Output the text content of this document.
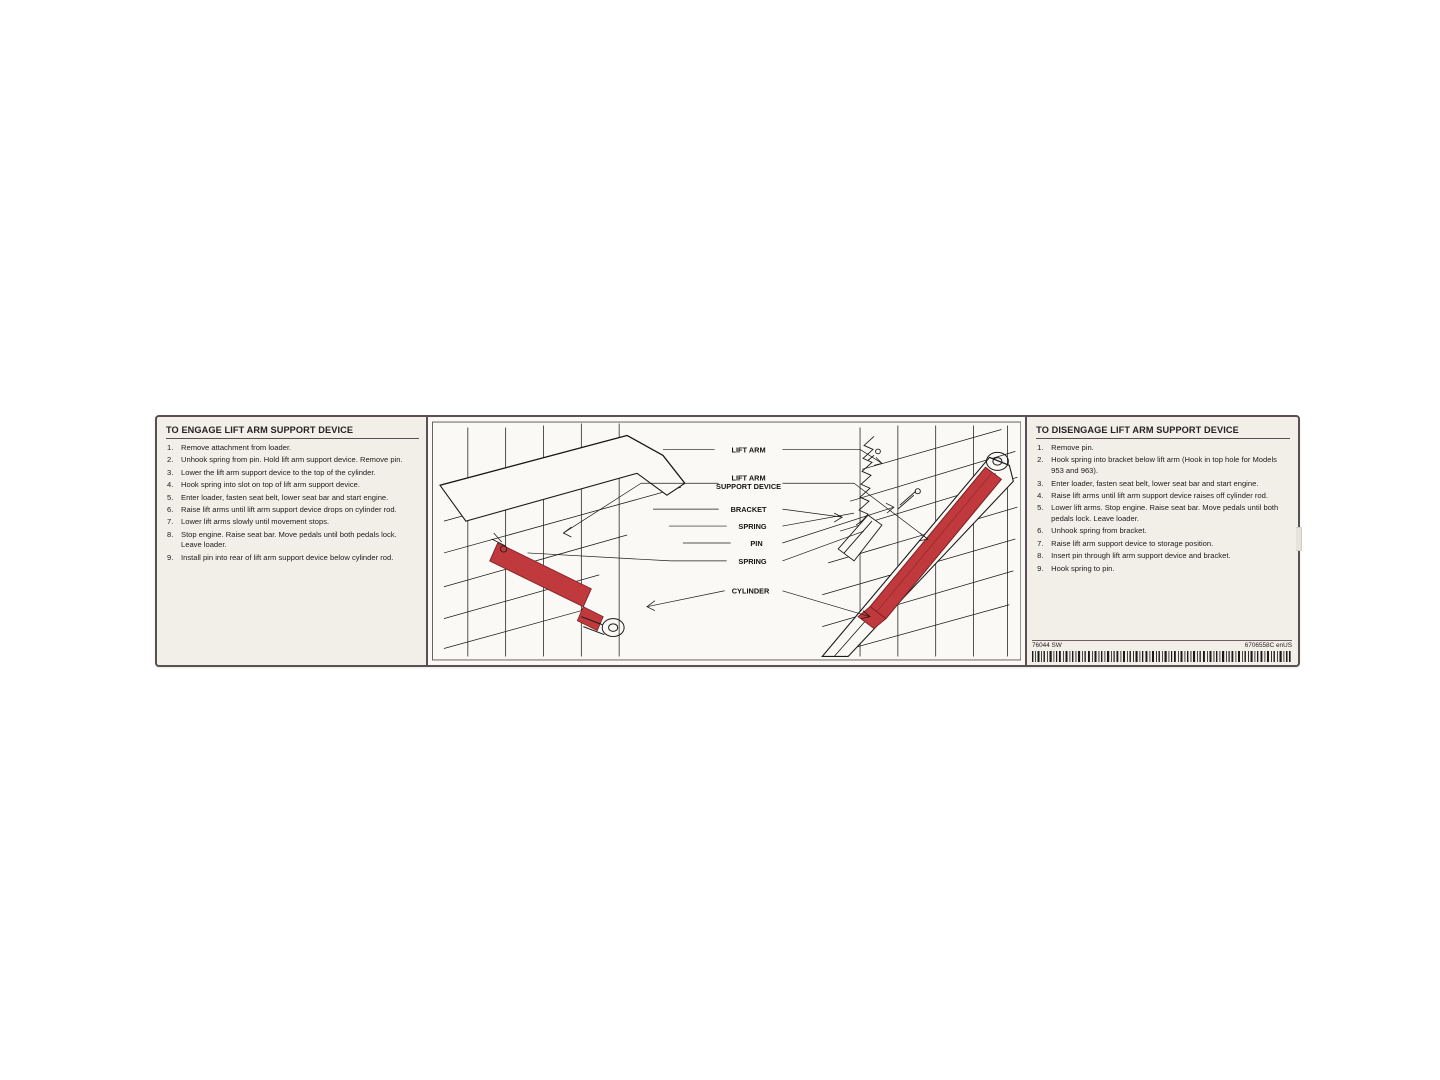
TO ENGAGE LIFT ARM SUPPORT DEVICE
Remove attachment from loader.
Unhook spring from pin. Hold lift arm support device. Remove pin.
Lower the lift arm support device to the top of the cylinder.
Hook spring into slot on top of lift arm support device.
Enter loader, fasten seat belt, lower seat bar and start engine.
Raise lift arms until lift arm support device drops on cylinder rod.
Lower lift arms slowly until movement stops.
Stop engine. Raise seat bar. Move pedals until both pedals lock. Leave loader.
Install pin into rear of lift arm support device below cylinder rod.
LIFT ARM
LIFT ARM
SUPPORT DEVICE
BRACKET
SPRING
PIN
SPRING
CYLINDER
TO DISENGAGE LIFT ARM SUPPORT DEVICE
Remove pin.
Hook spring into bracket below lift arm (Hook in top hole for Models 953 and 963).
Enter loader, fasten seat belt, lower seat bar and start engine.
Raise lift arms until lift arm support device raises off cylinder rod.
Lower lift arms. Stop engine. Raise seat bar. Move pedals until both pedals lock. Leave loader.
Unhook spring from bracket.
Raise lift arm support device to storage position.
Insert pin through lift arm support device and bracket.
Hook spring to pin.
76044 SW	6706558C enUS
